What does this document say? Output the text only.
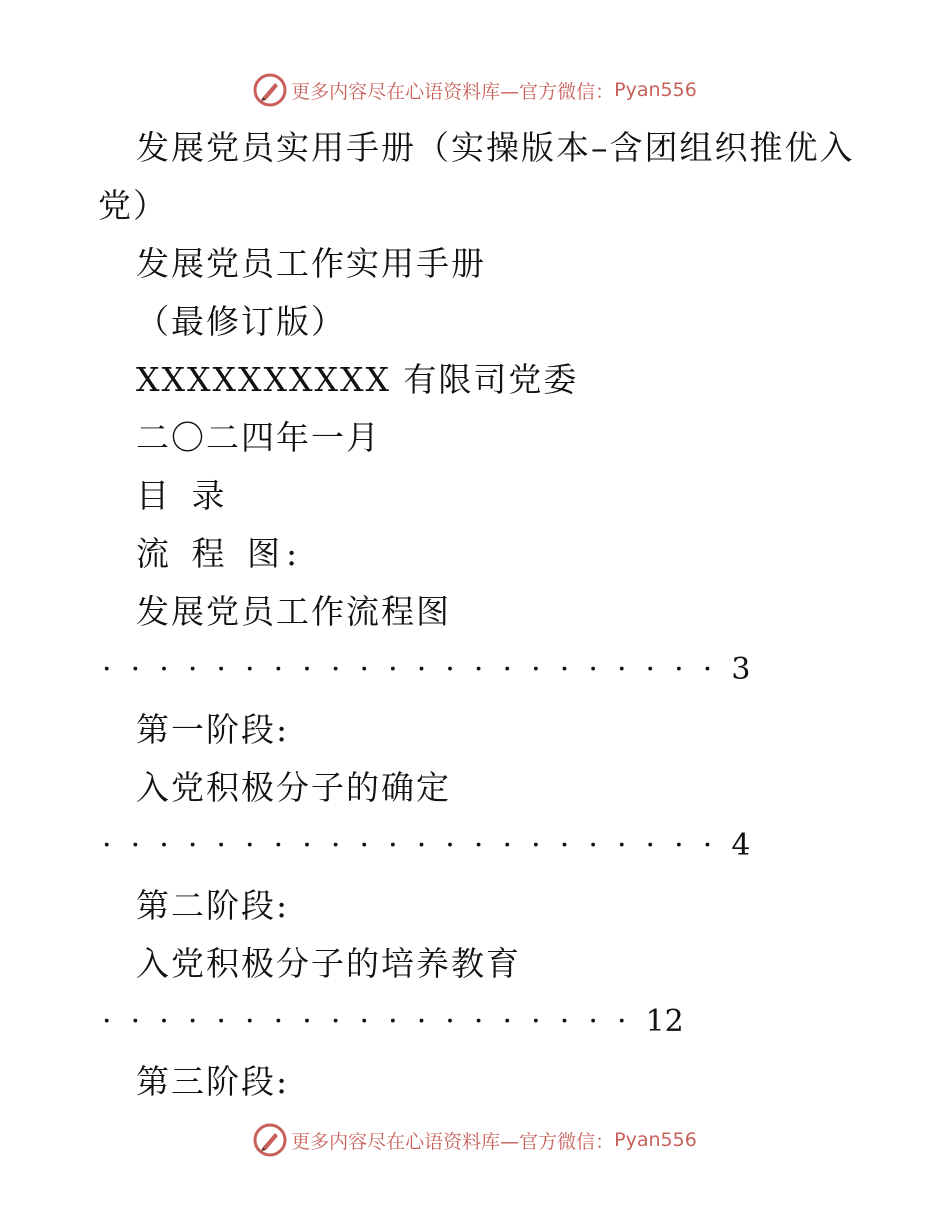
更多内容尽在心语资料库—官方微信： Pyan556
发展党员实用手册（实操版本–含团组织推优入
党）
发展党员工作实用手册
（最修订版）
XXXXXXXXXX 有限司党委
二〇二四年一月
目 录
流 程 图:
发展党员工作流程图
·  ·  ·  ·  ·  ·  ·  ·  ·  ·  ·  ·  ·  ·  ·  ·  ·  ·  ·  ·  ·  ·  3
第一阶段:
入党积极分子的确定
·  ·  ·  ·  ·  ·  ·  ·  ·  ·  ·  ·  ·  ·  ·  ·  ·  ·  ·  ·  ·  ·  4
第二阶段:
入党积极分子的培养教育
·  ·  ·  ·  ·  ·  ·  ·  ·  ·  ·  ·  ·  ·  ·  ·  ·  ·  ·  12
第三阶段:
更多内容尽在心语资料库—官方微信： Pyan556
